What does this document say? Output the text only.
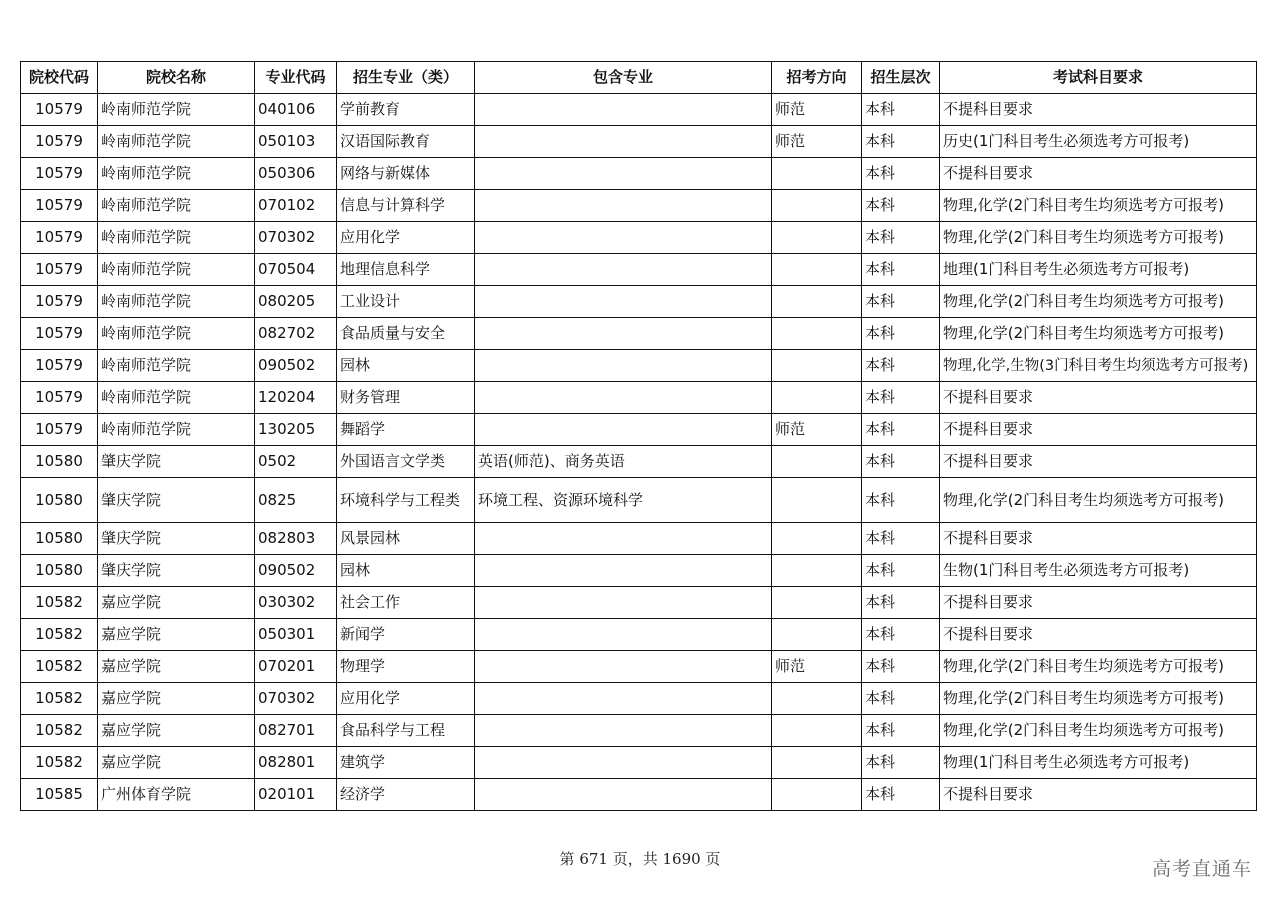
院校代码	院校名称	专业代码	招生专业（类）	包含专业	招考方向	招生层次	考试科目要求
10579	岭南师范学院	040106	学前教育		师范	本科	不提科目要求
10579	岭南师范学院	050103	汉语国际教育		师范	本科	历史(1门科目考生必须选考方可报考)
10579	岭南师范学院	050306	网络与新媒体			本科	不提科目要求
10579	岭南师范学院	070102	信息与计算科学			本科	物理,化学(2门科目考生均须选考方可报考)
10579	岭南师范学院	070302	应用化学			本科	物理,化学(2门科目考生均须选考方可报考)
10579	岭南师范学院	070504	地理信息科学			本科	地理(1门科目考生必须选考方可报考)
10579	岭南师范学院	080205	工业设计			本科	物理,化学(2门科目考生均须选考方可报考)
10579	岭南师范学院	082702	食品质量与安全			本科	物理,化学(2门科目考生均须选考方可报考)
10579	岭南师范学院	090502	园林			本科	物理,化学,生物(3门科目考生均须选考方可报考)
10579	岭南师范学院	120204	财务管理			本科	不提科目要求
10579	岭南师范学院	130205	舞蹈学		师范	本科	不提科目要求
10580	肇庆学院	0502	外国语言文学类	英语(师范)、商务英语		本科	不提科目要求
10580	肇庆学院	0825	环境科学与工程类	环境工程、资源环境科学		本科	物理,化学(2门科目考生均须选考方可报考)
10580	肇庆学院	082803	风景园林			本科	不提科目要求
10580	肇庆学院	090502	园林			本科	生物(1门科目考生必须选考方可报考)
10582	嘉应学院	030302	社会工作			本科	不提科目要求
10582	嘉应学院	050301	新闻学			本科	不提科目要求
10582	嘉应学院	070201	物理学		师范	本科	物理,化学(2门科目考生均须选考方可报考)
10582	嘉应学院	070302	应用化学			本科	物理,化学(2门科目考生均须选考方可报考)
10582	嘉应学院	082701	食品科学与工程			本科	物理,化学(2门科目考生均须选考方可报考)
10582	嘉应学院	082801	建筑学			本科	物理(1门科目考生必须选考方可报考)
10585	广州体育学院	020101	经济学			本科	不提科目要求
第 671 页，共 1690 页	高考直通车
